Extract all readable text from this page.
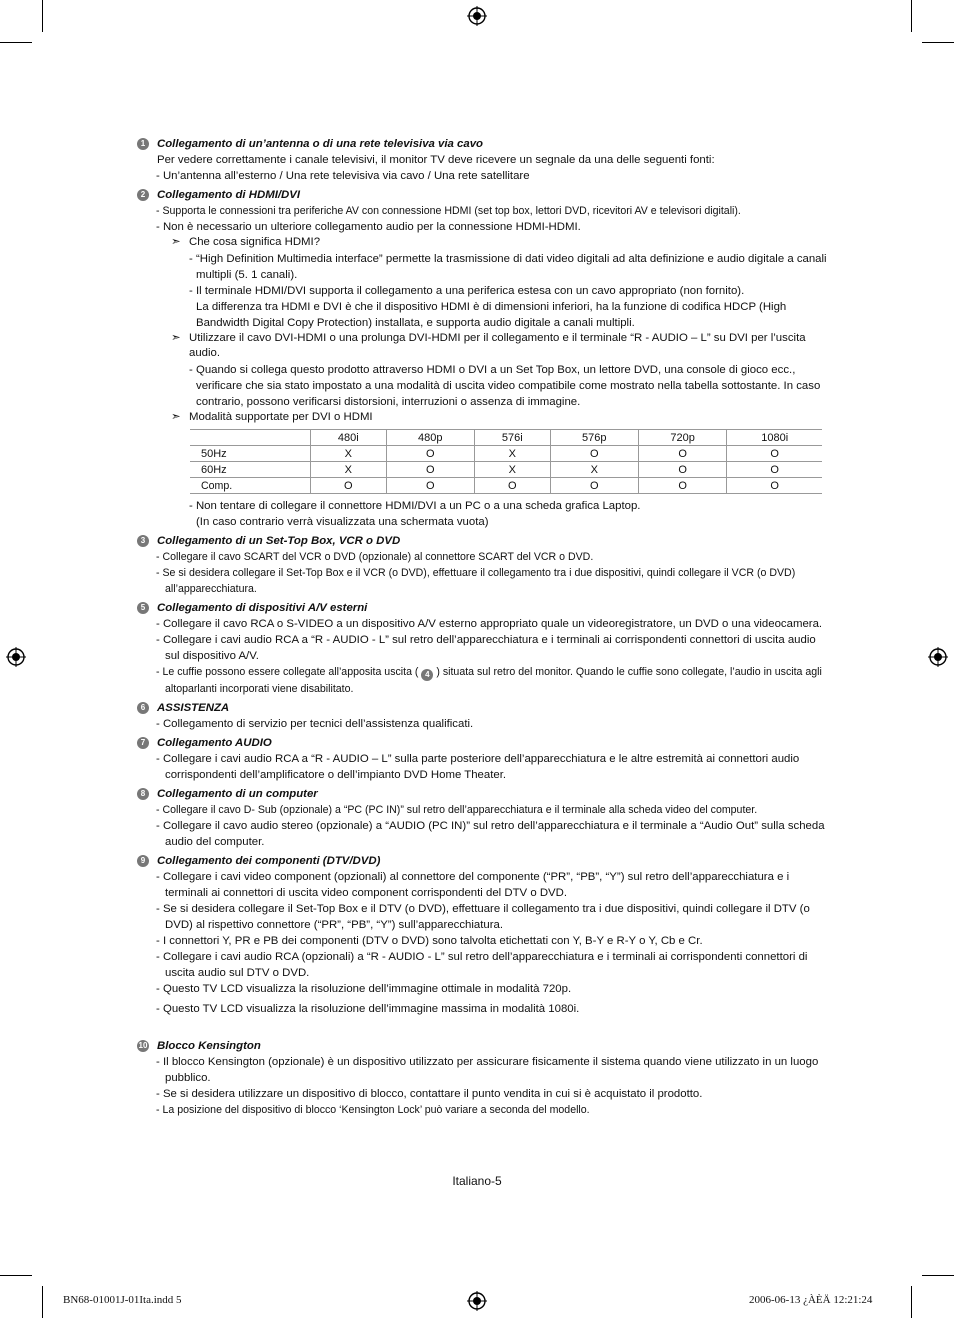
1	Collegamento di un’antenna o di una rete televisiva via cavo
Per vedere correttamente i canale televisivi, il monitor TV deve ricevere un segnale da una delle seguenti fonti:
- Un’antenna all’esterno / Una rete televisiva via cavo / Una rete satellitare
2	Collegamento di HDMI/DVI
- Supporta le connessioni tra periferiche AV con connessione HDMI (set top box, lettori DVD, ricevitori AV e televisori digitali).
- Non è necessario un ulteriore collegamento audio per la connessione HDMI-HDMI.
➣ Che cosa significa HDMI?
- “High Definition Multimedia interface” permette la trasmissione di dati video digitali ad alta definizione e audio digitale a canali multipli (5. 1 canali).
- Il terminale HDMI/DVI supporta il collegamento a una periferica estesa con un cavo appropriato (non fornito).
La differenza tra HDMI e DVI è che il dispositivo HDMI è di dimensioni inferiori, ha la funzione di codifica HDCP (High Bandwidth Digital Copy Protection) installata, e supporta audio digitale a canali multipli.
➣ Utilizzare il cavo DVI-HDMI o una prolunga DVI-HDMI per il collegamento e il terminale “R - AUDIO – L” su DVI per l’uscita audio.
- Quando si collega questo prodotto attraverso HDMI o DVI a un Set Top Box, un lettore DVD, una console di gioco ecc., verificare che sia stato impostato a una modalità di uscita video compatibile come mostrato nella tabella sottostante. In caso contrario, possono verificarsi distorsioni, interruzioni o assenza di immagine.
➣ Modalità supportate per DVI o HDMI
	480i	480p	576i	576p	720p	1080i
50Hz	X	O	X	O	O	O
60Hz	X	O	X	X	O	O
Comp.	O	O	O	O	O	O
- Non tentare di collegare il connettore HDMI/DVI a un PC o a una scheda grafica Laptop.
(In caso contrario verrà visualizzata una schermata vuota)
3	Collegamento di un Set-Top Box, VCR o DVD
- Collegare il cavo SCART del VCR o DVD (opzionale) al connettore SCART del VCR o DVD.
- Se si desidera collegare il Set-Top Box e il VCR (o DVD), effettuare il collegamento tra i due dispositivi, quindi collegare il VCR (o DVD) all’apparecchiatura.
5	Collegamento di dispositivi A/V esterni
- Collegare il cavo RCA o S-VIDEO a un dispositivo A/V esterno appropriato quale un videoregistratore, un DVD o una videocamera.
- Collegare i cavi audio RCA a “R - AUDIO - L” sul retro dell’apparecchiatura e i terminali ai corrispondenti connettori di uscita audio sul dispositivo A/V.
- Le cuffie possono essere collegate all’apposita uscita ( 4 ) situata sul retro del monitor. Quando le cuffie sono collegate, l’audio in uscita agli altoparlanti incorporati viene disabilitato.
6	ASSISTENZA
- Collegamento di servizio per tecnici dell’assistenza qualificati.
7	Collegamento AUDIO
- Collegare i cavi audio RCA a “R - AUDIO – L” sulla parte posteriore dell’apparecchiatura e le altre estremità ai connettori audio corrispondenti dell’amplificatore o dell’impianto DVD Home Theater.
8	Collegamento di un computer
- Collegare il cavo D- Sub (opzionale) a “PC (PC IN)” sul retro dell’apparecchiatura e il terminale alla scheda video del computer.
- Collegare il cavo audio stereo (opzionale) a “AUDIO (PC IN)” sul retro dell’apparecchiatura e il terminale a “Audio Out” sulla scheda audio del computer.
9	Collegamento dei componenti (DTV/DVD)
- Collegare i cavi video component (opzionali) al connettore del componente (“PR”, “PB”, “Y”) sul retro dell’apparecchiatura e i terminali ai connettori di uscita video component corrispondenti del DTV o DVD.
- Se si desidera collegare il Set-Top Box e il DTV (o DVD), effettuare il collegamento tra i due dispositivi, quindi collegare il DTV (o DVD) al rispettivo connettore (“PR”, “PB”, “Y”) sull’apparecchiatura.
- I connettori Y, PR e PB dei componenti (DTV o DVD) sono talvolta etichettati con Y, B-Y e R-Y o Y, Cb e Cr.
- Collegare i cavi audio RCA (opzionali) a “R - AUDIO - L” sul retro dell’apparecchiatura e i terminali ai corrispondenti connettori di uscita audio sul DTV o DVD.
- Questo TV LCD visualizza la risoluzione dell’immagine ottimale in modalità 720p.
- Questo TV LCD visualizza la risoluzione dell’immagine massima in modalità 1080i.
10 Blocco Kensington
- Il blocco Kensington (opzionale) è un dispositivo utilizzato per assicurare fisicamente il sistema quando viene utilizzato in un luogo pubblico.
- Se si desidera utilizzare un dispositivo di blocco, contattare il punto vendita in cui si è acquistato il prodotto.
- La posizione del dispositivo di blocco ‘Kensington Lock’ può variare a seconda del modello.
Italiano-5
BN68-01001J-01Ita.indd 5	2006-06-13 ¿ÀÈÄ 12:21:24
